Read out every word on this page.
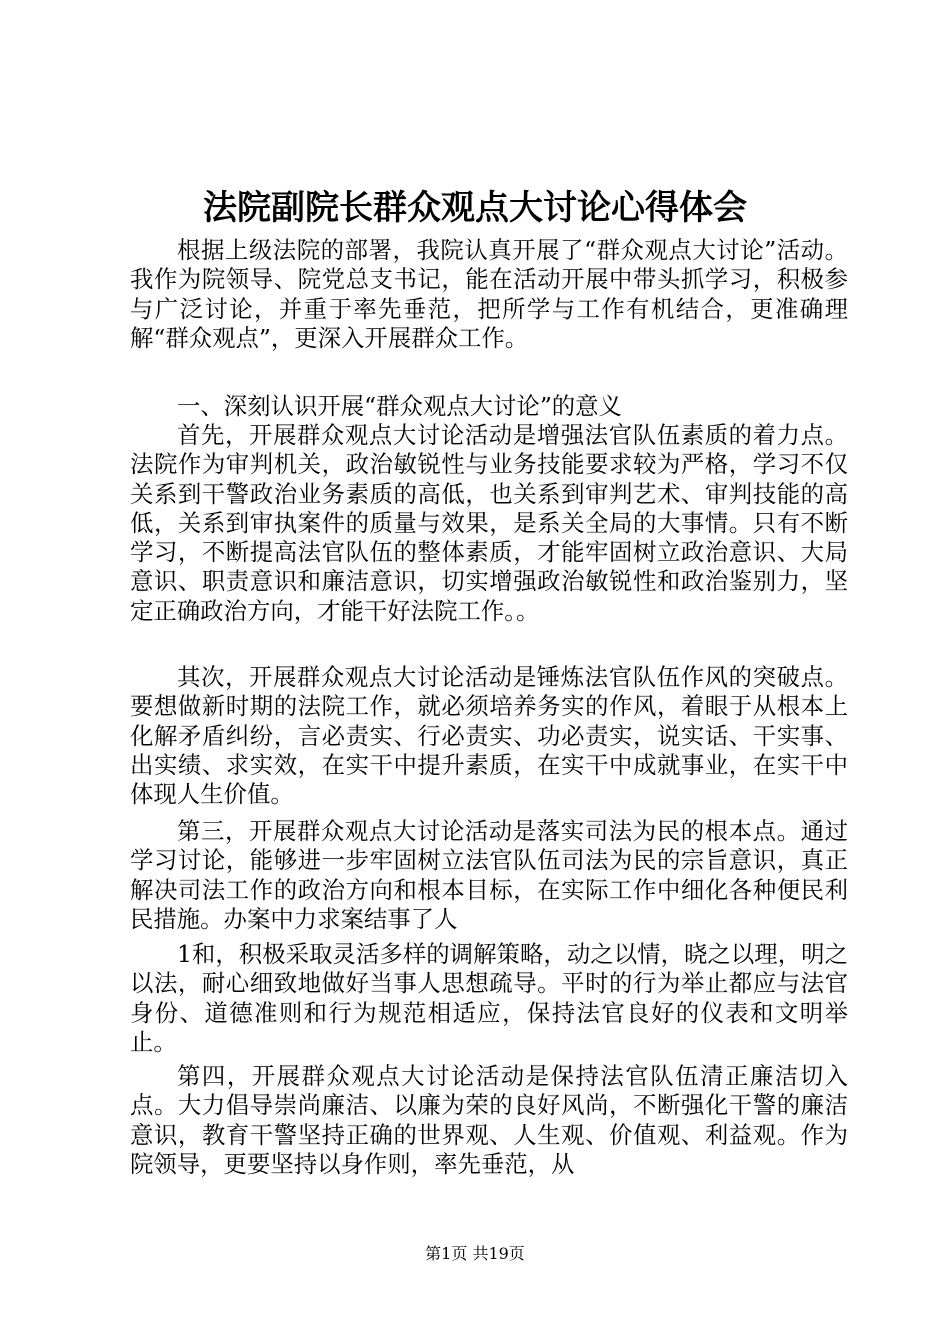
法院副院长群众观点大讨论心得体会

根据上级法院的部署，我院认真开展了“群众观点大讨论”活动。我作为院领导、院党总支书记，能在活动开展中带头抓学习，积极参与广泛讨论，并重于率先垂范，把所学与工作有机结合，更准确理解“群众观点”，更深入开展群众工作。

一、深刻认识开展“群众观点大讨论”的意义

首先，开展群众观点大讨论活动是增强法官队伍素质的着力点。法院作为审判机关，政治敏锐性与业务技能要求较为严格，学习不仅关系到干警政治业务素质的高低，也关系到审判艺术、审判技能的高低，关系到审执案件的质量与效果，是系关全局的大事情。只有不断学习，不断提高法官队伍的整体素质，才能牢固树立政治意识、大局意识、职责意识和廉洁意识，切实增强政治敏锐性和政治鉴别力，坚定正确政治方向，才能干好法院工作。。

其次，开展群众观点大讨论活动是锤炼法官队伍作风的突破点。要想做新时期的法院工作，就必须培养务实的作风，着眼于从根本上化解矛盾纠纷，言必责实、行必责实、功必责实，说实话、干实事、出实绩、求实效，在实干中提升素质，在实干中成就事业，在实干中体现人生价值。

第三，开展群众观点大讨论活动是落实司法为民的根本点。通过学习讨论，能够进一步牢固树立法官队伍司法为民的宗旨意识，真正解决司法工作的政治方向和根本目标，在实际工作中细化各种便民利民措施。办案中力求案结事了人

1和，积极采取灵活多样的调解策略，动之以情，晓之以理，明之以法，耐心细致地做好当事人思想疏导。平时的行为举止都应与法官身份、道德准则和行为规范相适应，保持法官良好的仪表和文明举止。

第四，开展群众观点大讨论活动是保持法官队伍清正廉洁切入点。大力倡导崇尚廉洁、以廉为荣的良好风尚，不断强化干警的廉洁意识，教育干警坚持正确的世界观、人生观、价值观、利益观。作为院领导，更要坚持以身作则，率先垂范，从

第1页 共19页
